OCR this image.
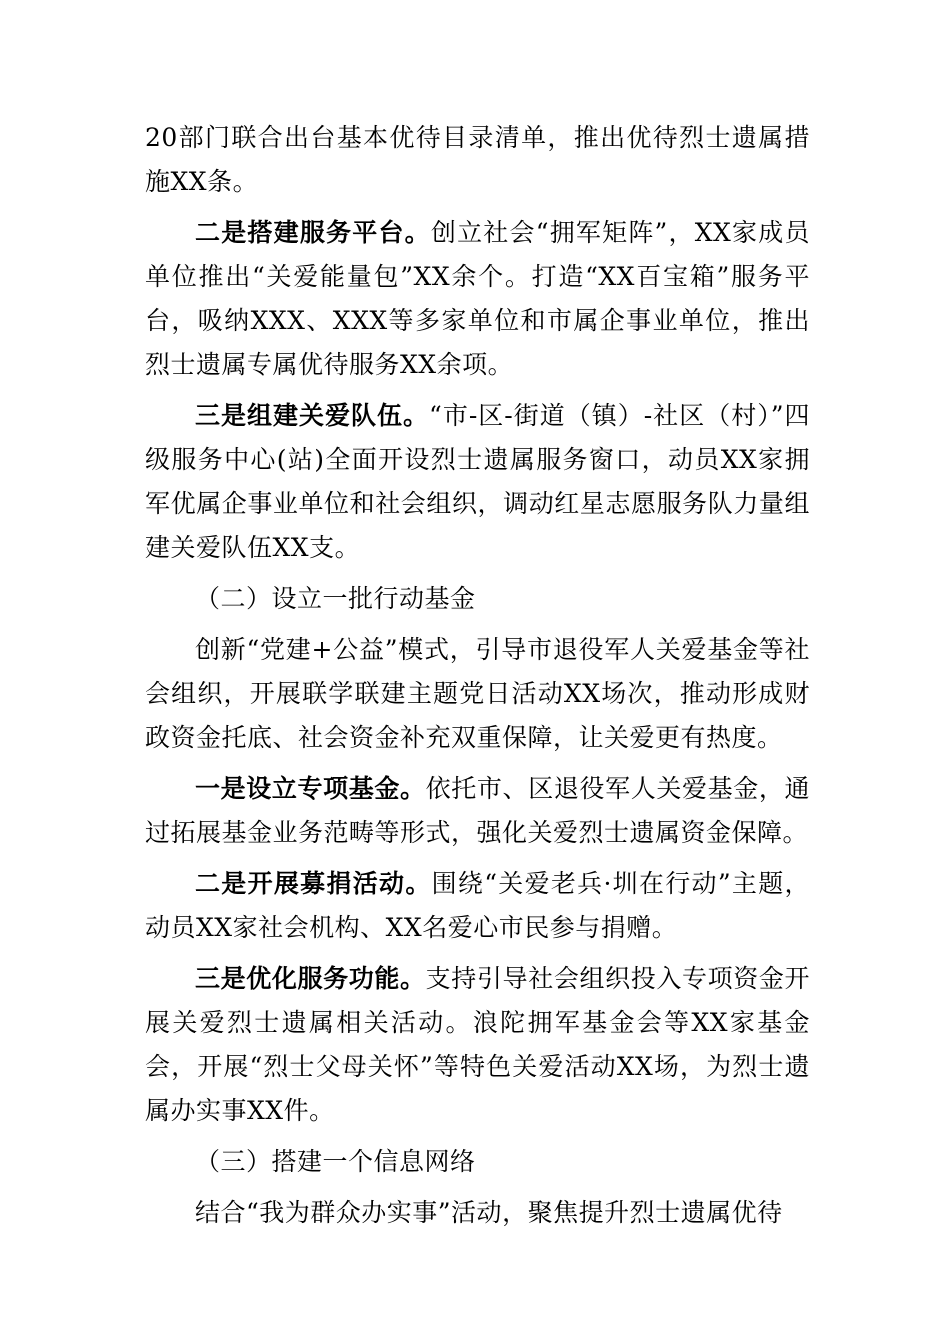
20部门联合出台基本优待目录清单，推出优待烈士遗属措施XX条。

二是搭建服务平台。创立社会“拥军矩阵”，XX家成员单位推出“关爱能量包”XX余个。打造“XX百宝箱”服务平台，吸纳XXX、XXX等多家单位和市属企事业单位，推出烈士遗属专属优待服务XX余项。

三是组建关爱队伍。“市-区-街道（镇）-社区（村）”四级服务中心(站)全面开设烈士遗属服务窗口，动员XX家拥军优属企事业单位和社会组织，调动红星志愿服务队力量组建关爱队伍XX支。

（二）设立一批行动基金

创新“党建+公益”模式，引导市退役军人关爱基金等社会组织，开展联学联建主题党日活动XX场次，推动形成财政资金托底、社会资金补充双重保障，让关爱更有热度。

一是设立专项基金。依托市、区退役军人关爱基金，通过拓展基金业务范畴等形式，强化关爱烈士遗属资金保障。

二是开展募捐活动。围绕“关爱老兵·圳在行动”主题，动员XX家社会机构、XX名爱心市民参与捐赠。

三是优化服务功能。支持引导社会组织投入专项资金开展关爱烈士遗属相关活动。浪陀拥军基金会等XX家基金会，开展“烈士父母关怀”等特色关爱活动XX场，为烈士遗属办实事XX件。

（三）搭建一个信息网络

结合“我为群众办实事”活动，聚焦提升烈士遗属优待
